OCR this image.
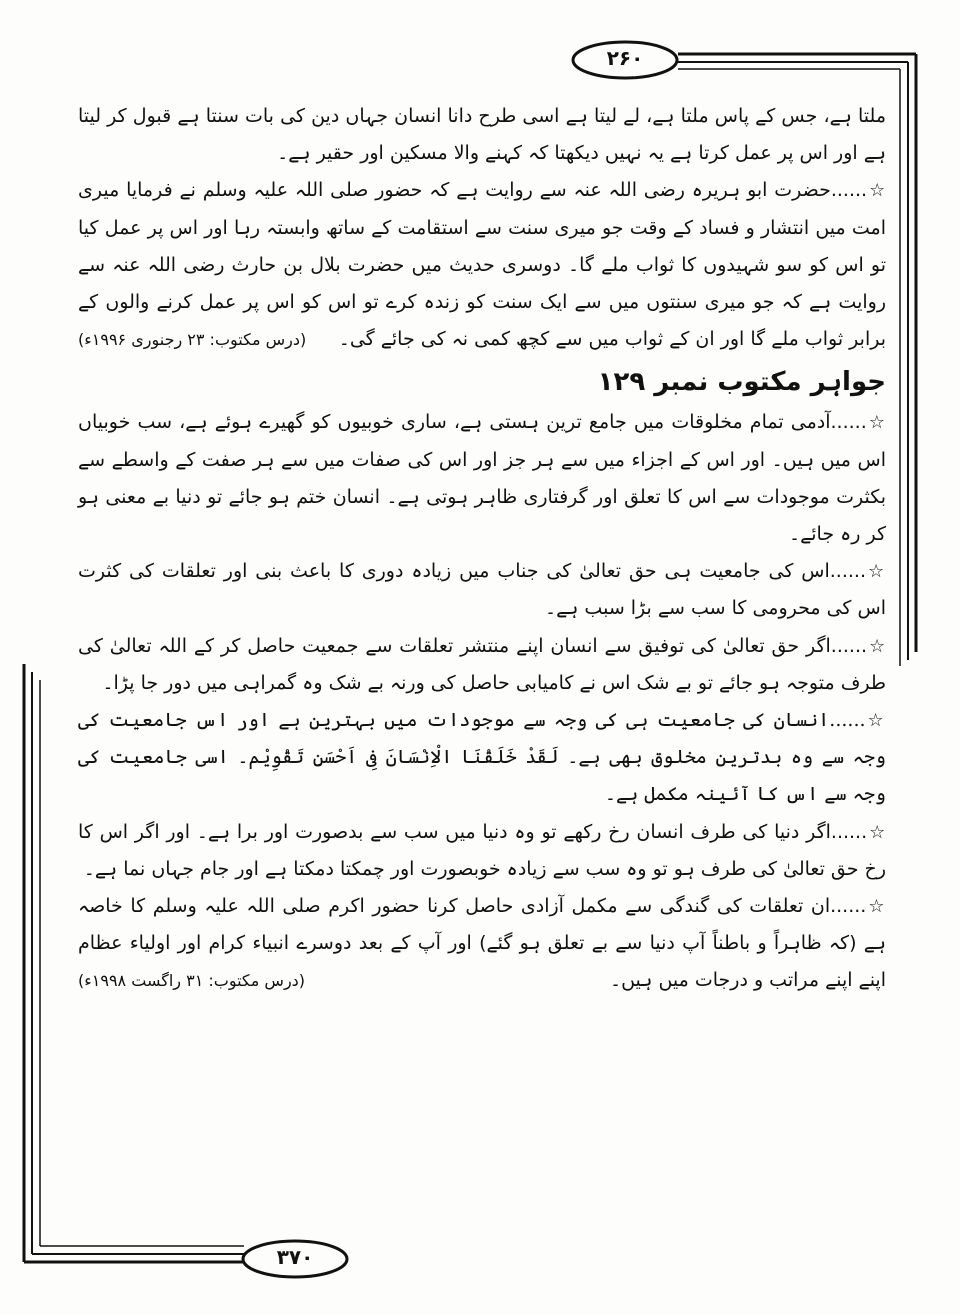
۲۶۰
۳۷۰

ملتا ہے، جس کے پاس ملتا ہے، لے لیتا ہے اسی طرح دانا انسان جہاں دین کی بات سنتا ہے قبول کر لیتا ہے اور اس پر عمل کرتا ہے یہ نہیں دیکھتا کہ کہنے والا مسکین اور حقیر ہے۔

☆......حضرت ابو ہریرہ رضی اللہ عنہ سے روایت ہے کہ حضور صلی اللہ علیہ وسلم نے فرمایا میری امت میں انتشار و فساد کے وقت جو میری سنت سے استقامت کے ساتھ وابستہ رہا اور اس پر عمل کیا تو اس کو سو شہیدوں کا ثواب ملے گا۔ دوسری حدیث میں حضرت بلال بن حارث رضی اللہ عنہ سے روایت ہے کہ جو میری سنتوں میں سے ایک سنت کو زندہ کرے تو اس کو اس پر عمل کرنے والوں کے برابر ثواب ملے گا اور ان کے ثواب میں سے کچھ کمی نہ کی جائے گی۔
(درس مکتوب: ۲۳ رجنوری ۱۹۹۶ء)

جواہر مکتوب نمبر ۱۲۹

☆......آدمی تمام مخلوقات میں جامع ترین ہستی ہے، ساری خوبیوں کو گھیرے ہوئے ہے، سب خوبیاں اس میں ہیں۔ اور اس کے اجزاء میں سے ہر جز اور اس کی صفات میں سے ہر صفت کے واسطے سے بکثرت موجودات سے اس کا تعلق اور گرفتاری ظاہر ہوتی ہے۔ انسان ختم ہو جائے تو دنیا بے معنی ہو کر رہ جائے۔

☆......اس کی جامعیت ہی حق تعالیٰ کی جناب میں زیادہ دوری کا باعث بنی اور تعلقات کی کثرت اس کی محرومی کا سب سے بڑا سبب ہے۔

☆......اگر حق تعالیٰ کی توفیق سے انسان اپنے منتشر تعلقات سے جمعیت حاصل کر کے اللہ تعالیٰ کی طرف متوجہ ہو جائے تو بے شک اس نے کامیابی حاصل کی ورنہ بے شک وہ گمراہی میں دور جا پڑا۔

☆......انسان کی جامعیت ہی کی وجہ سے موجودات میں بہترین ہے اور اس جامعیت کی وجہ سے وہ بدترین مخلوق بھی ہے۔ لَقَدْ خَلَقْنَا الْاِنْسَانَ فِی اَحْسَنِ تَقْوِیْم۔ اسی جامعیت کی وجہ سے اس کا آئینہ مکمل ہے۔

☆......اگر دنیا کی طرف انسان رخ رکھے تو وہ دنیا میں سب سے بدصورت اور برا ہے۔ اور اگر اس کا رخ حق تعالیٰ کی طرف ہو تو وہ سب سے زیادہ خوبصورت اور چمکتا دمکتا ہے اور جام جہاں نما ہے۔

☆......ان تعلقات کی گندگی سے مکمل آزادی حاصل کرنا حضور اکرم صلی اللہ علیہ وسلم کا خاصہ ہے (کہ ظاہراً و باطناً آپ دنیا سے بے تعلق ہو گئے) اور آپ کے بعد دوسرے انبیاء کرام اور اولیاء عظام اپنے اپنے مراتب و درجات میں ہیں۔
(درس مکتوب: ۳۱ راگست ۱۹۹۸ء)
